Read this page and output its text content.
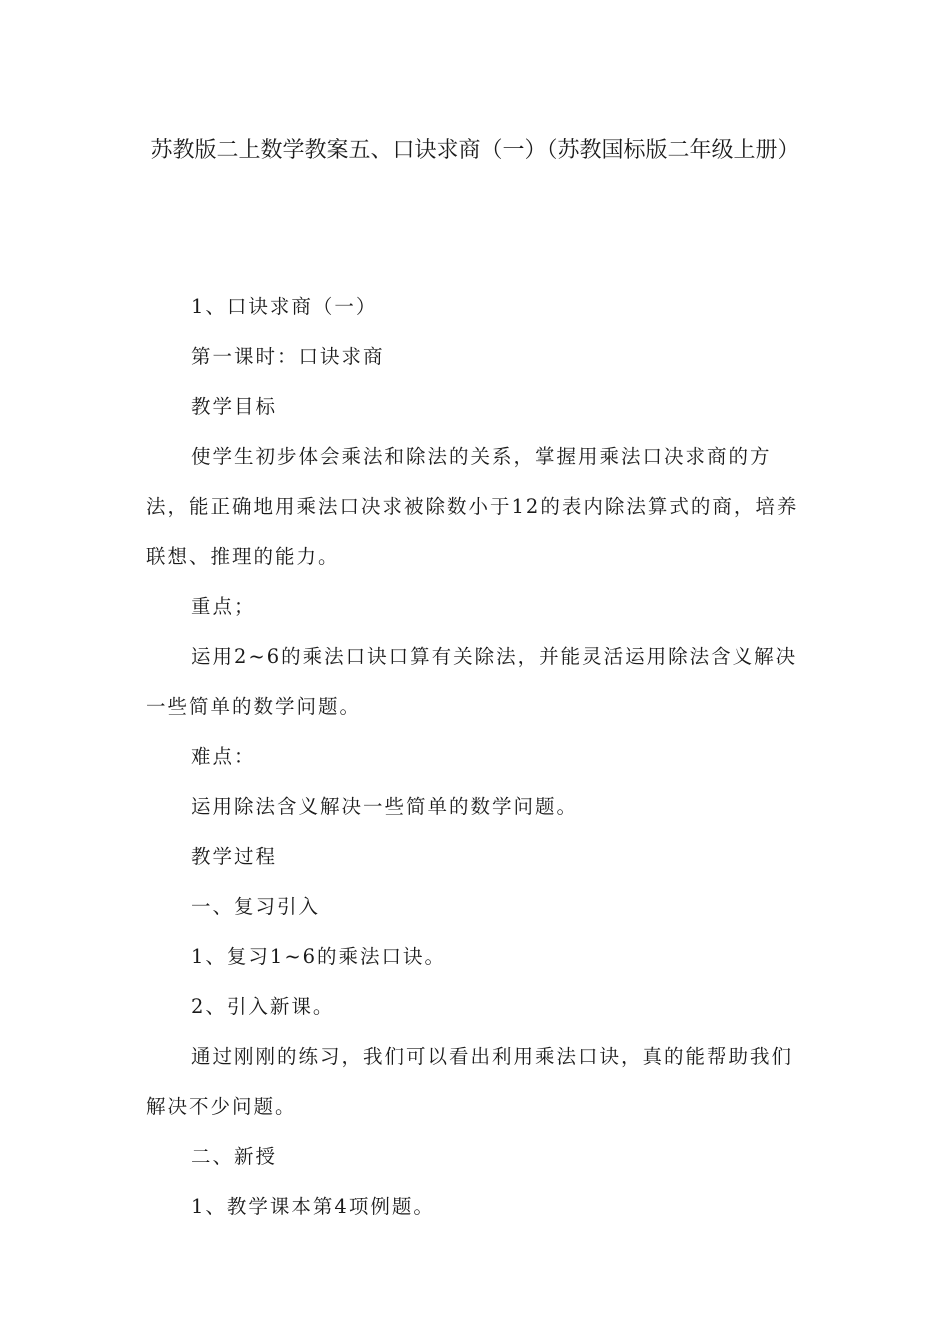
苏教版二上数学教案五、口诀求商（一）（苏教国标版二年级上册）

1、口诀求商（一）

第一课时：口诀求商

教学目标

使学生初步体会乘法和除法的关系，掌握用乘法口决求商的方法，能正确地用乘法口决求被除数小于12的表内除法算式的商，培养联想、推理的能力。

重点；

运用2~6的乘法口诀口算有关除法，并能灵活运用除法含义解决一些简单的数学问题。

难点：

运用除法含义解决一些简单的数学问题。

教学过程

一、复习引入

1、复习1~6的乘法口诀。

2、引入新课。

通过刚刚的练习，我们可以看出利用乘法口诀，真的能帮助我们解决不少问题。

二、新授

1、教学课本第4项例题。
